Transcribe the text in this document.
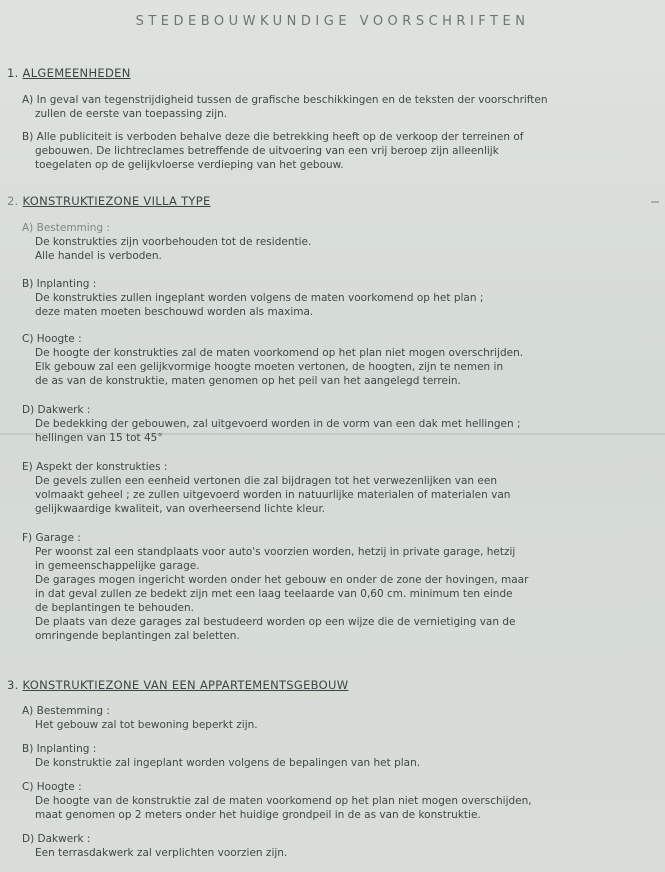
STEDEBOUWKUNDIGE VOORSCHRIFTEN
1. ALGEMEENHEDEN
A) In geval van tegenstrijdigheid tussen de grafische beschikkingen en de teksten der voorschriften
zullen de eerste van toepassing zijn.
B) Alle publiciteit is verboden behalve deze die betrekking heeft op de verkoop der terreinen of
gebouwen. De lichtreclames betreffende de uitvoering van een vrij beroep zijn alleenlijk
toegelaten op de gelijkvloerse verdieping van het gebouw.
2. KONSTRUKTIEZONE VILLA TYPE
A) Bestemming :
De konstrukties zijn voorbehouden tot de residentie.
Alle handel is verboden.
B) Inplanting :
De konstrukties zullen ingeplant worden volgens de maten voorkomend op het plan ;
deze maten moeten beschouwd worden als maxima.
C) Hoogte :
De hoogte der konstrukties zal de maten voorkomend op het plan niet mogen overschrijden.
Elk gebouw zal een gelijkvormige hoogte moeten vertonen, de hoogten, zijn te nemen in
de as van de konstruktie, maten genomen op het peil van het aangelegd terrein.
D) Dakwerk :
De bedekking der gebouwen, zal uitgevoerd worden in de vorm van een dak met hellingen ;
hellingen van 15 tot 45°
E) Aspekt der konstrukties :
De gevels zullen een eenheid vertonen die zal bijdragen tot het verwezenlijken van een
volmaakt geheel ; ze zullen uitgevoerd worden in natuurlijke materialen of materialen van
gelijkwaardige kwaliteit, van overheersend lichte kleur.
F) Garage :
Per woonst zal een standplaats voor auto's voorzien worden, hetzij in private garage, hetzij
in gemeenschappelijke garage.
De garages mogen ingericht worden onder het gebouw en onder de zone der hovingen, maar
in dat geval zullen ze bedekt zijn met een laag teelaarde van 0,60 cm. minimum ten einde
de beplantingen te behouden.
De plaats van deze garages zal bestudeerd worden op een wijze die de vernietiging van de
omringende beplantingen zal beletten.
3. KONSTRUKTIEZONE VAN EEN APPARTEMENTSGEBOUW
A) Bestemming :
Het gebouw zal tot bewoning beperkt zijn.
B) Inplanting :
De konstruktie zal ingeplant worden volgens de bepalingen van het plan.
C) Hoogte :
De hoogte van de konstruktie zal de maten voorkomend op het plan niet mogen overschijden,
maat genomen op 2 meters onder het huidige grondpeil in de as van de konstruktie.
D) Dakwerk :
Een terrasdakwerk zal verplichten voorzien zijn.
